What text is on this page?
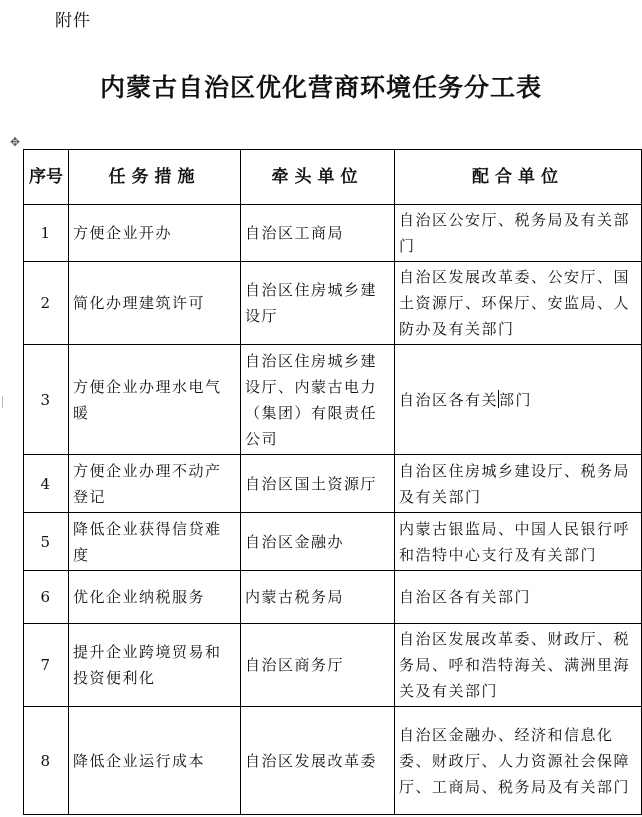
附件
内蒙古自治区优化营商环境任务分工表
✥
序号	任务措施	牵头单位	配合单位
1	方便企业开办	自治区工商局	自治区公安厅、税务局及有关部门
2	简化办理建筑许可	自治区住房城乡建设厅	自治区发展改革委、公安厅、国土资源厅、环保厅、安监局、人防办及有关部门
3	方便企业办理水电气暖	自治区住房城乡建设厅、内蒙古电力（集团）有限责任公司	自治区各有关部门
4	方便企业办理不动产登记	自治区国土资源厅	自治区住房城乡建设厅、税务局及有关部门
5	降低企业获得信贷难度	自治区金融办	内蒙古银监局、中国人民银行呼和浩特中心支行及有关部门
6	优化企业纳税服务	内蒙古税务局	自治区各有关部门
7	提升企业跨境贸易和投资便利化	自治区商务厅	自治区发展改革委、财政厅、税务局、呼和浩特海关、满洲里海关及有关部门
8	降低企业运行成本	自治区发展改革委	自治区金融办、经济和信息化委、财政厅、人力资源社会保障厅、工商局、税务局及有关部门
